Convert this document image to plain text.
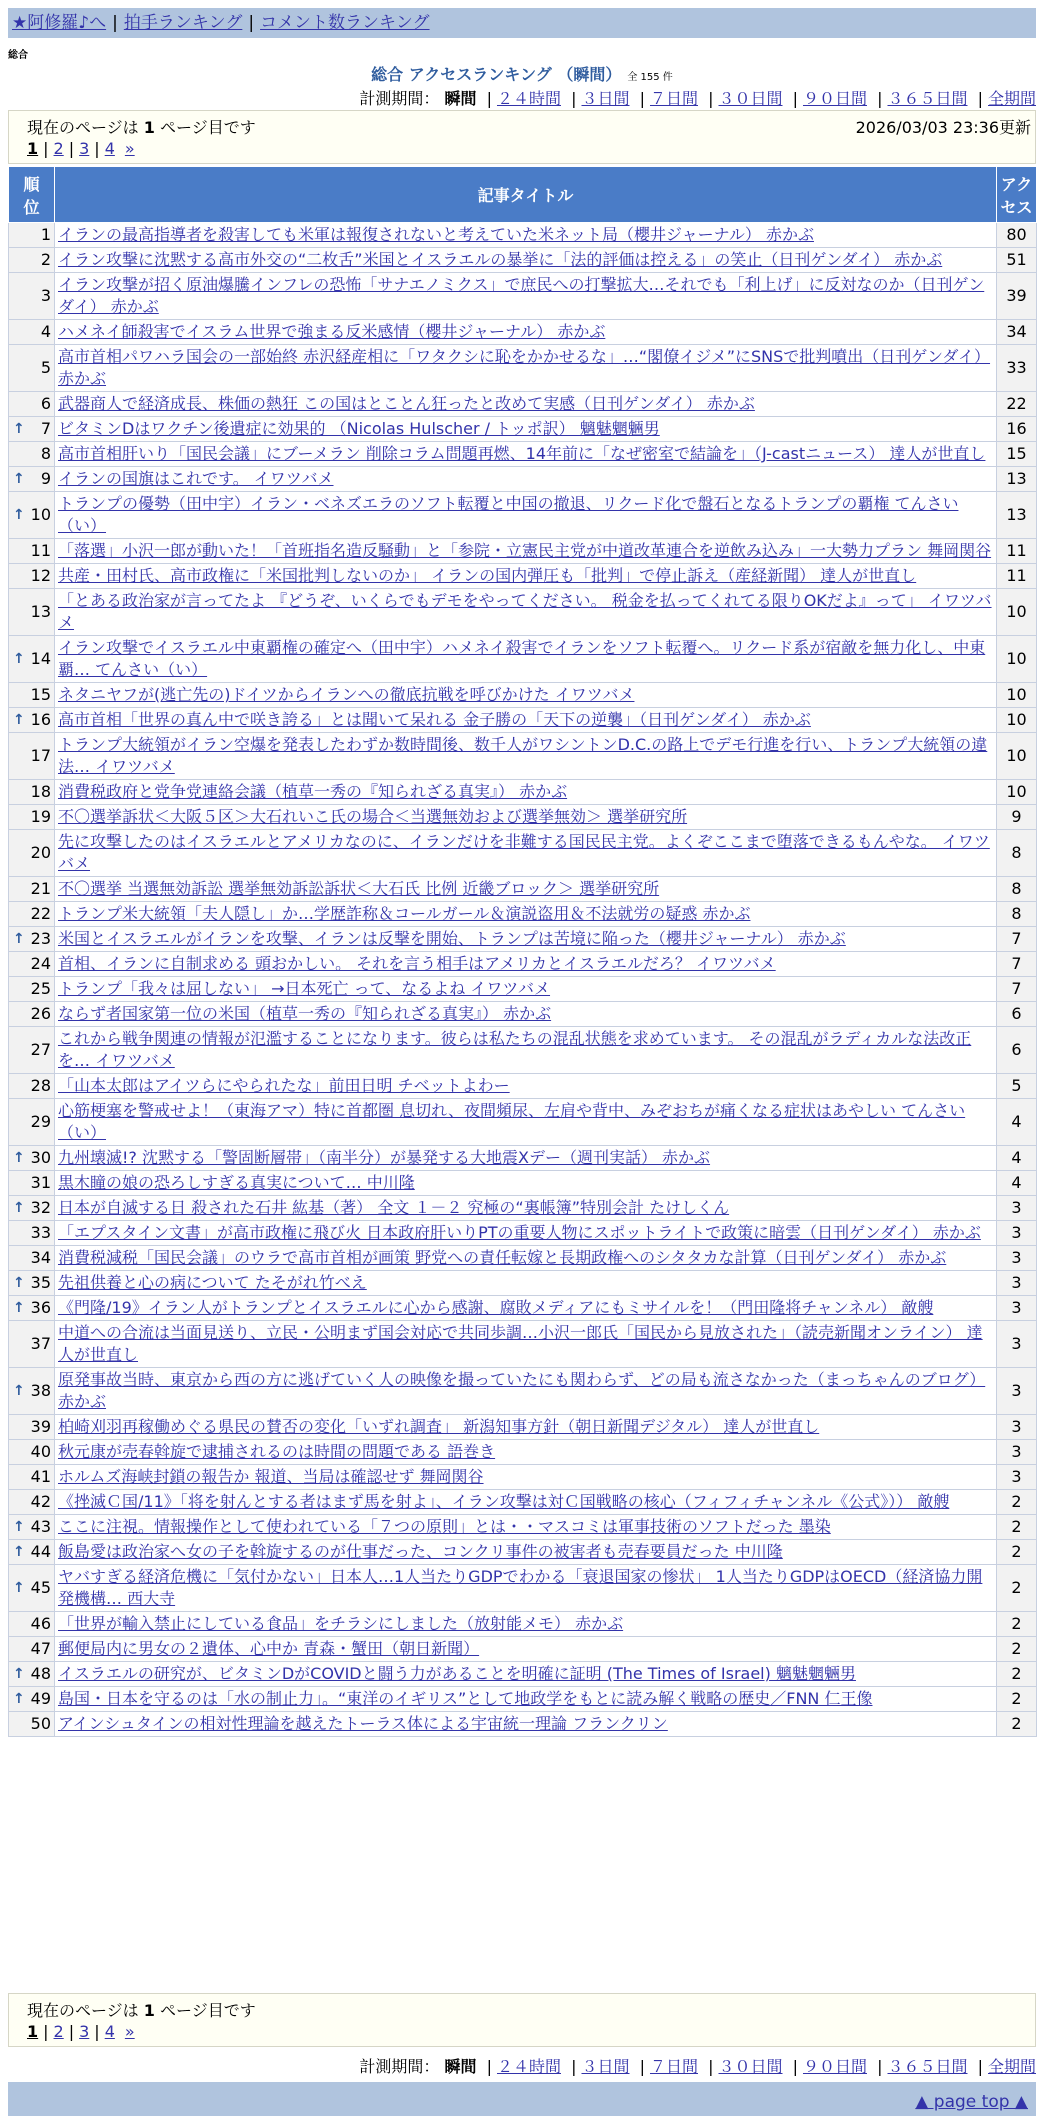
★阿修羅♪へ | 拍手ランキング | コメント数ランキング
総合
総合 アクセスランキング （瞬間） 全 155 件
計測期間： 瞬間 | ２４時間 | ３日間 | ７日間 | ３０日間 | ９０日間 | ３６５日間 | 全期間
現在のページは 1 ページ目です	2026/03/03 23:36更新
1 | 2 | 3 | 4 »
順位	記事タイトル	アクセス
1	イランの最高指導者を殺害しても米軍は報復されないと考えていた米ネット局（櫻井ジャーナル） 赤かぶ	80
2	イラン攻撃に沈黙する高市外交の“二枚舌”米国とイスラエルの暴挙に「法的評価は控える」の笑止（日刊ゲンダイ） 赤かぶ	51
3	イラン攻撃が招く原油爆騰インフレの恐怖「サナエノミクス」で庶民への打撃拡大…それでも「利上げ」に反対なのか（日刊ゲンダイ） 赤かぶ	39
4	ハメネイ師殺害でイスラム世界で強まる反米感情（櫻井ジャーナル） 赤かぶ	34
5	高市首相パワハラ国会の一部始終 赤沢経産相に「ワタクシに恥をかかせるな」…“閣僚イジメ”にSNSで批判噴出（日刊ゲンダイ） 赤かぶ	33
6	武器商人で経済成長、株価の熱狂 この国はとことん狂ったと改めて実感（日刊ゲンダイ） 赤かぶ	22

↑ 7	ビタミンDはワクチン後遺症に効果的 （Nicolas Hulscher / トッポ訳） 魑魅魍魎男	16
8	高市首相肝いり「国民会議」にブーメラン 削除コラム問題再燃、14年前に「なぜ密室で結論を」（J-castニュース） 達人が世直し	15

↑ 9	イランの国旗はこれです。 イワツバメ	13

↑ 10	トランプの優勢（田中宇）イラン・ベネズエラのソフト転覆と中国の撤退、リクード化で盤石となるトランプの覇権 てんさい（い）	13
11	「落選」小沢一郎が動いた！「首班指名造反騒動」と「参院・立憲民主党が中道改革連合を逆飲み込み」一大勢力プラン 舞岡関谷	11
12	共産・田村氏、高市政権に「米国批判しないのか」 イランの国内弾圧も「批判」で停止訴え（産経新聞） 達人が世直し	11
13	「とある政治家が言ってたよ 『どうぞ、いくらでもデモをやってください。 税金を払ってくれてる限りOKだよ』って」 イワツバメ	10

↑ 14	イラン攻撃でイスラエル中東覇権の確定へ（田中宇）ハメネイ殺害でイランをソフト転覆へ。リクード系が宿敵を無力化し、中東覇… てんさい（い）	10
15	ネタニヤフが(逃亡先の)ドイツからイランへの徹底抗戦を呼びかけた イワツバメ	10

↑ 16	高市首相「世界の真ん中で咲き誇る」とは聞いて呆れる 金子勝の「天下の逆襲」（日刊ゲンダイ） 赤かぶ	10
17	トランプ大統領がイラン空爆を発表したわずか数時間後、数千人がワシントンD.C.の路上でデモ行進を行い、トランプ大統領の違法… イワツバメ	10
18	消費税政府と党争党連絡会議（植草一秀の『知られざる真実』） 赤かぶ	10
19	不〇選挙訴状＜大阪５区＞大石れいこ氏の場合＜当選無効および選挙無効＞ 選挙研究所	9
20	先に攻撃したのはイスラエルとアメリカなのに、イランだけを非難する国民民主党。よくぞここまで堕落できるもんやな。 イワツバメ	8
21	不〇選挙 当選無効訴訟 選挙無効訴訟訴状＜大石氏 比例 近畿ブロック＞ 選挙研究所	8
22	トランプ米大統領「夫人隠し」か…学歴詐称＆コールガール＆演説盗用＆不法就労の疑惑 赤かぶ	8

↑ 23	米国とイスラエルがイランを攻撃、イランは反撃を開始、トランプは苦境に陥った（櫻井ジャーナル） 赤かぶ	7
24	首相、イランに自制求める 頭おかしい。 それを言う相手はアメリカとイスラエルだろ？ イワツバメ	7
25	トランプ「我々は屈しない」 →日本死亡 って、なるよね イワツバメ	7
26	ならず者国家第一位の米国（植草一秀の『知られざる真実』） 赤かぶ	6
27	これから戦争関連の情報が氾濫することになります。彼らは私たちの混乱状態を求めています。 その混乱がラディカルな法改正を… イワツバメ	6
28	「山本太郎はアイツらにやられたな」前田日明 チベットよわー	5
29	心筋梗塞を警戒せよ！（東海アマ）特に首都圏 息切れ、夜間頻尿、左肩や背中、みぞおちが痛くなる症状はあやしい てんさい（い）	4

↑ 30	九州壊滅!? 沈黙する「警固断層帯」（南半分）が暴発する大地震Xデー（週刊実話） 赤かぶ	4
31	黒木瞳の娘の恐ろしすぎる真実について… 中川隆	4

↑ 32	日本が自滅する日 殺された石井 紘基（著） 全文 １－２ 究極の“裏帳簿”特別会計 たけしくん	3
33	「エプスタイン文書」が高市政権に飛び火 日本政府肝いりPTの重要人物にスポットライトで政策に暗雲（日刊ゲンダイ） 赤かぶ	3
34	消費税減税「国民会議」のウラで高市首相が画策 野党への責任転嫁と長期政権へのシタタカな計算（日刊ゲンダイ） 赤かぶ	3

↑ 35	先祖供養と心の病について たそがれ竹べえ	3

↑ 36	《門隆/19》イラン人がトランプとイスラエルに心から感謝、腐敗メディアにもミサイルを！（門田隆将チャンネル） 敵艘	3
37	中道への合流は当面見送り、立民・公明まず国会対応で共同歩調…小沢一郎氏「国民から見放された」（読売新聞オンライン） 達人が世直し	3

↑ 38	原発事故当時、東京から西の方に逃げていく人の映像を撮っていたにも関わらず、どの局も流さなかった（まっちゃんのブログ） 赤かぶ	3
39	柏崎刈羽再稼働めぐる県民の賛否の変化「いずれ調査」 新潟知事方針（朝日新聞デジタル） 達人が世直し	3
40	秋元康が売春斡旋で逮捕されるのは時間の問題である 語巻き	3
41	ホルムズ海峡封鎖の報告か 報道、当局は確認せず 舞岡関谷	3
42	《挫滅Ｃ国/11》「将を射んとする者はまず馬を射よ」、イラン攻撃は対Ｃ国戦略の核心（フィフィチャンネル《公式》）） 敵艘	2

↑ 43	ここに注視。情報操作として使われている「７つの原則」とは・・マスコミは軍事技術のソフトだった 墨染	2

↑ 44	飯島愛は政治家へ女の子を斡旋するのが仕事だった、コンクリ事件の被害者も売春要員だった 中川隆	2

↑ 45	ヤバすぎる経済危機に「気付かない」日本人…1人当たりGDPでわかる「衰退国家の惨状」 1人当たりGDPはOECD（経済協力開発機構… 西大寺	2
46	「世界が輸入禁止にしている食品」をチラシにしました（放射能メモ） 赤かぶ	2
47	郵便局内に男女の２遺体、心中か 青森・蟹田（朝日新聞）	2

↑ 48	イスラエルの研究が、ビタミンDがCOVIDと闘う力があることを明確に証明 (The Times of Israel) 魑魅魍魎男	2

↑ 49	島国・日本を守るのは「水の制止力」。“東洋のイギリス”として地政学をもとに読み解く戦略の歴史／FNN 仁王像	2
50	アインシュタインの相対性理論を越えたトーラス体による宇宙統一理論 フランクリン	2
現在のページは 1 ページ目です
1 | 2 | 3 | 4 »
計測期間： 瞬間 | ２４時間 | ３日間 | ７日間 | ３０日間 | ９０日間 | ３６５日間 | 全期間
▲ page top ▲
